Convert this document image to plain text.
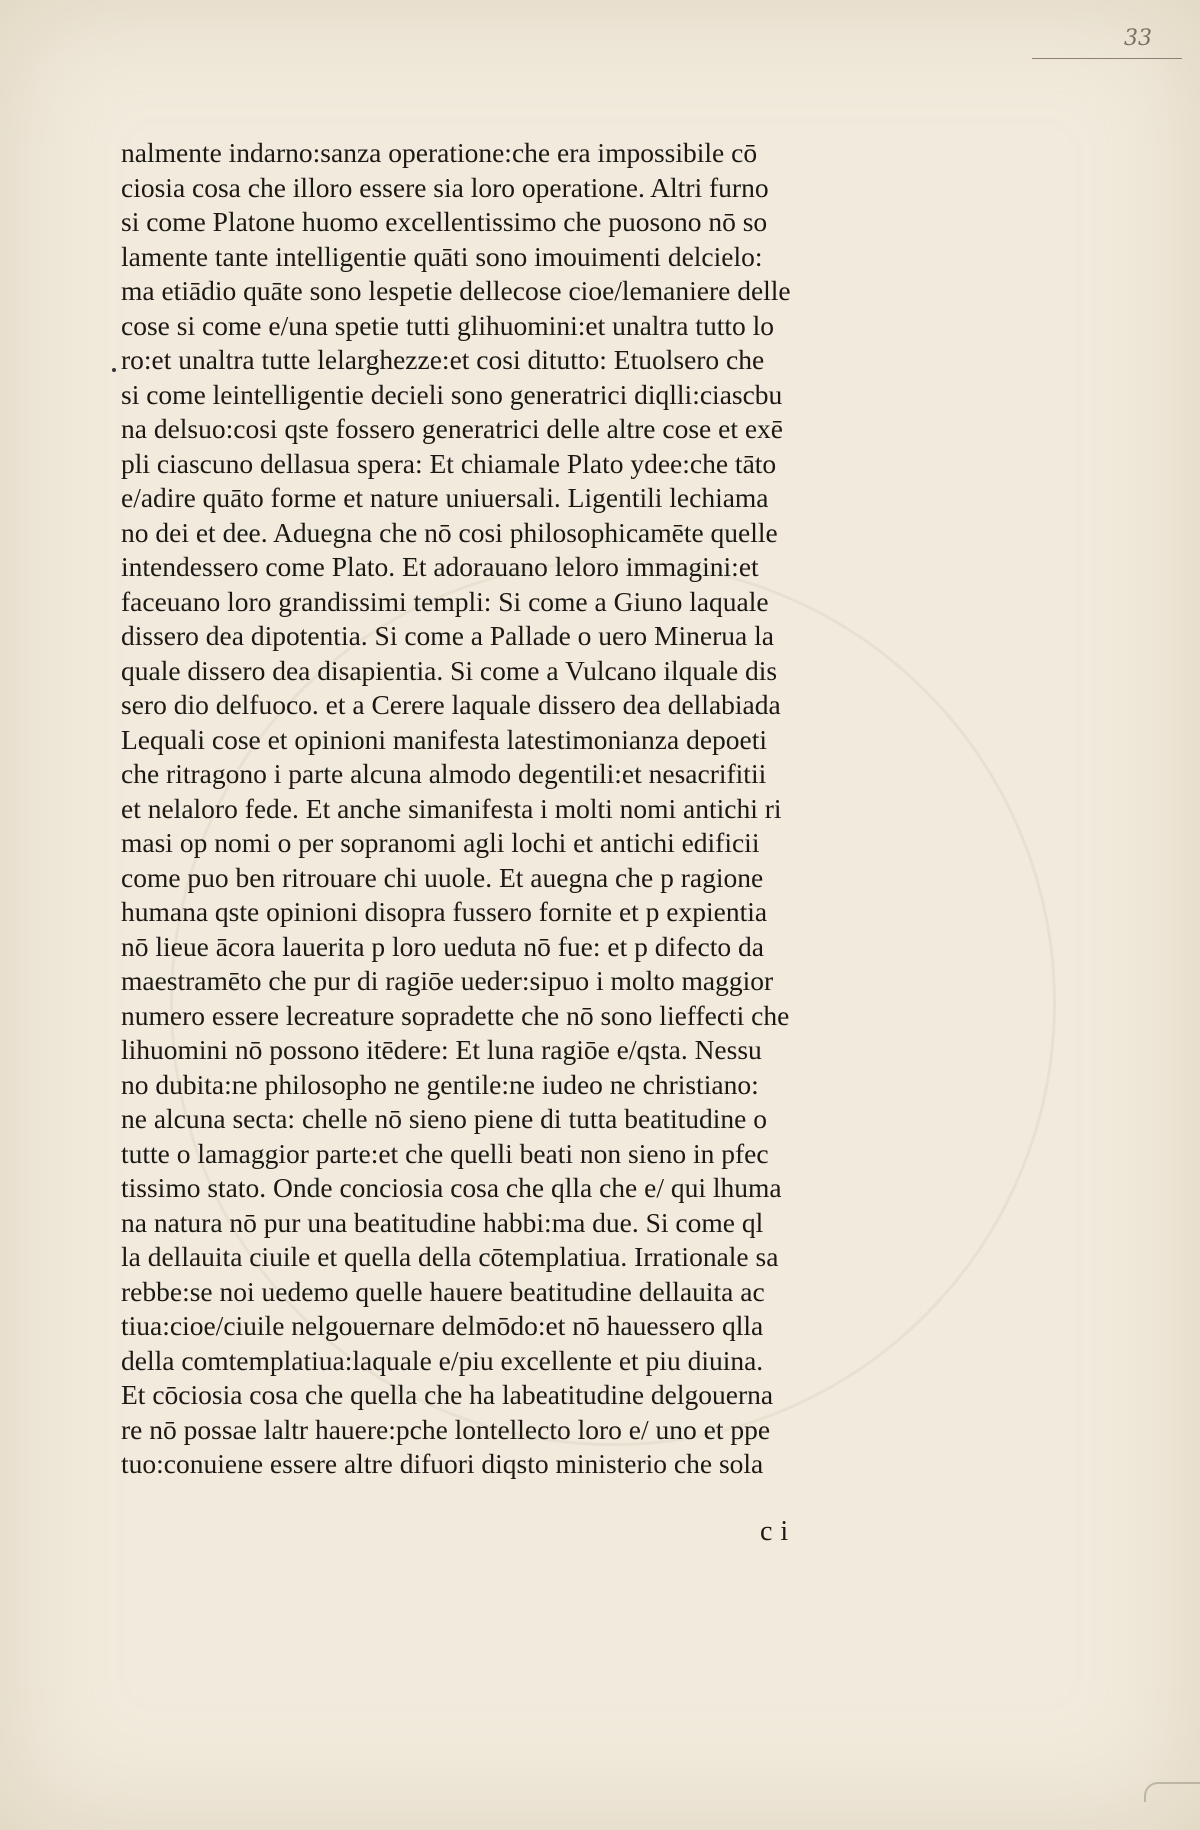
33
nalmente indarno:sanza operatione:che era impossibile cō
ciosia cosa che illoro essere sia loro operatione. Altri furno
si come Platone huomo excellentissimo che puosono nō so
lamente tante intelligentie quāti sono imouimenti delcielo:
ma etiādio quāte sono lespetie dellecose cioe/lemaniere delle
cose si come e/una spetie tutti glihuomini:et unaltra tutto lo
ro:et unaltra tutte lelarghezze:et cosi ditutto: Etuolsero che
si come leintelligentie decieli sono generatrici diqlli:ciascbu
na delsuo:cosi qste fossero generatrici delle altre cose et exē
pli ciascuno dellasua spera: Et chiamale Plato ydee:che tāto
e/adire quāto forme et nature uniuersali. Ligentili lechiama
no dei et dee. Aduegna che nō cosi philosophicamēte quelle
intendessero come Plato. Et adorauano leloro immagini:et
faceuano loro grandissimi templi: Si come a Giuno laquale
dissero dea dipotentia. Si come a Pallade o uero Minerua la
quale dissero dea disapientia. Si come a Vulcano ilquale dis
sero dio delfuoco. et a Cerere laquale dissero dea dellabiada
Lequali cose et opinioni manifesta latestimonianza depoeti
che ritragono i parte alcuna almodo degentili:et nesacrifitii
et nelaloro fede. Et anche simanifesta i molti nomi antichi ri
masi op nomi o per sopranomi agli lochi et antichi edificii
come puo ben ritrouare chi uuole. Et auegna che p ragione
humana qste opinioni disopra fussero fornite et p expientia
nō lieue ācora lauerita p loro ueduta nō fue: et p difecto da
maestramēto che pur di ragiōe ueder:sipuo i molto maggior
numero essere lecreature sopradette che nō sono lieffecti che
lihuomini nō possono itēdere: Et luna ragiōe e/qsta. Nessu
no dubita:ne philosopho ne gentile:ne iudeo ne christiano:
ne alcuna secta: chelle nō sieno piene di tutta beatitudine o
tutte o lamaggior parte:et che quelli beati non sieno in pfec
tissimo stato. Onde conciosia cosa che qlla che e/ qui lhuma
na natura nō pur una beatitudine habbi:ma due. Si come ql
la dellauita ciuile et quella della cōtemplatiua. Irrationale sa
rebbe:se noi uedemo quelle hauere beatitudine dellauita ac
tiua:cioe/ciuile nelgouernare delmōdo:et nō hauessero qlla
della comtemplatiua:laquale e/piu excellente et piu diuina.
Et cōciosia cosa che quella che ha labeatitudine delgouerna
re nō possae laltr hauere:pche lontellecto loro e/ uno et ppe
tuo:conuiene essere altre difuori diqsto ministerio che sola
ci
